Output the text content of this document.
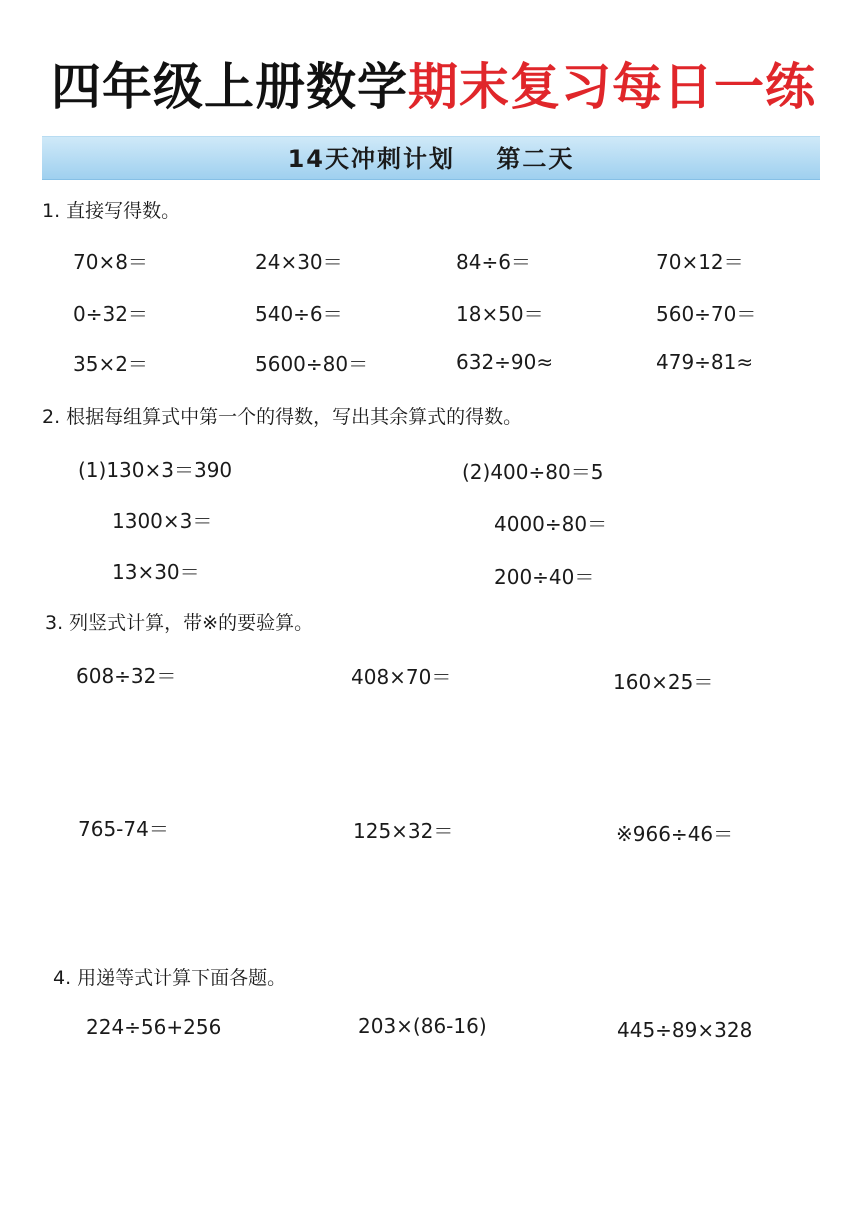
四年级上册数学期末复习每日一练
14天冲刺计划 第二天
1. 直接写得数。
70×8＝	24×30＝	84÷6＝	70×12＝
0÷32＝	540÷6＝	18×50＝	560÷70＝
35×2＝	5600÷80＝	632÷90≈	479÷81≈
2. 根据每组算式中第一个的得数，写出其余算式的得数。
(1)130×3＝390
1300×3＝
13×30＝
(2)400÷80＝5
4000÷80＝
200÷40＝
3. 列竖式计算，带※的要验算。
608÷32＝	408×70＝	160×25＝
765-74＝	125×32＝	※966÷46＝
4. 用递等式计算下面各题。
224÷56+256	203×(86-16)	445÷89×328
